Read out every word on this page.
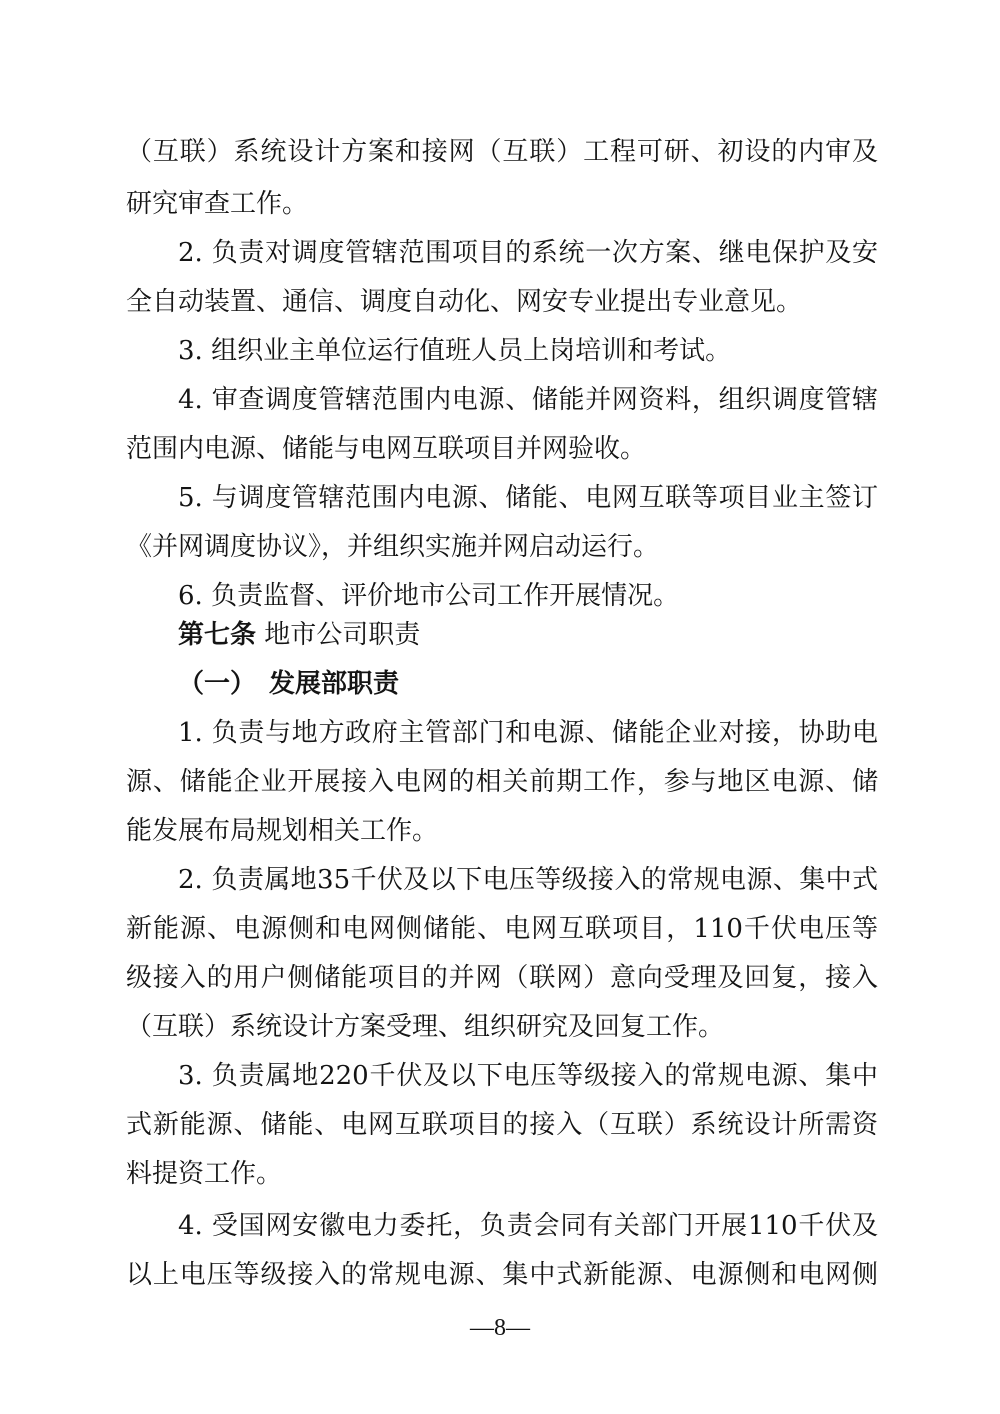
（互联）系统设计方案和接网（互联）工程可研、初设的内审及
研究审查工作。
2. 负责对调度管辖范围项目的系统一次方案、继电保护及安
全自动装置、通信、调度自动化、网安专业提出专业意见。
3. 组织业主单位运行值班人员上岗培训和考试。
4. 审查调度管辖范围内电源、储能并网资料，组织调度管辖
范围内电源、储能与电网互联项目并网验收。
5. 与调度管辖范围内电源、储能、电网互联等项目业主签订
《并网调度协议》，并组织实施并网启动运行。
6. 负责监督、评价地市公司工作开展情况。
第七条 地市公司职责
（一）　发展部职责
1. 负责与地方政府主管部门和电源、储能企业对接，协助电
源、储能企业开展接入电网的相关前期工作，参与地区电源、储
能发展布局规划相关工作。
2. 负责属地35千伏及以下电压等级接入的常规电源、集中式
新能源、电源侧和电网侧储能、电网互联项目，110千伏电压等
级接入的用户侧储能项目的并网（联网）意向受理及回复，接入
（互联）系统设计方案受理、组织研究及回复工作。
3. 负责属地220千伏及以下电压等级接入的常规电源、集中
式新能源、储能、电网互联项目的接入（互联）系统设计所需资
料提资工作。
4. 受国网安徽电力委托，负责会同有关部门开展110千伏及
以上电压等级接入的常规电源、集中式新能源、电源侧和电网侧
—8—
